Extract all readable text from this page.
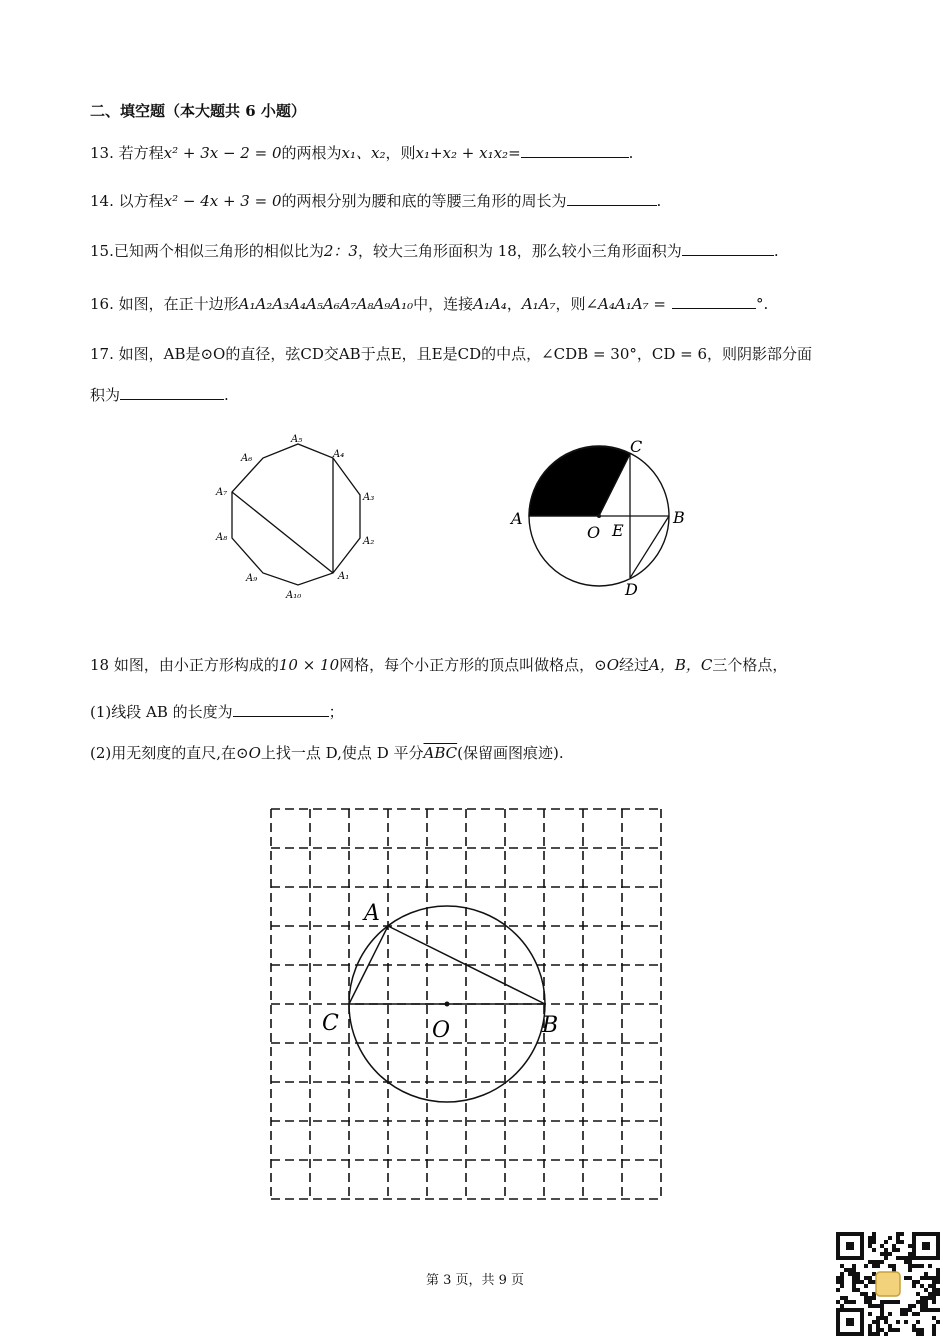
二、填空题（本大题共 6 小题）
13. 若方程x² + 3x − 2 = 0的两根为x₁、x₂，则x₁+x₂ + x₁x₂=	.
14. 以方程x² − 4x + 3 = 0的两根分别为腰和底的等腰三角形的周长为	.
15.已知两个相似三角形的相似比为2：3，较大三角形面积为 18，那么较小三角形面积为	.
16. 如图，在正十边形A₁A₂A₃A₄A₅A₆A₇A₈A₉A₁₀中，连接A₁A₄，A₁A₇，则∠A₄A₁A₇ =	°.
17. 如图，AB是⊙O的直径，弦CD交AB于点E，且E是CD的中点，∠CDB = 30°，CD = 6，则阴影部分面
积为	.
A₁
A₂
A₃
A₄
A₅
A₆
A₇
A₈
A₉
A₁₀
A	B
C
D
O E
18 如图，由小正方形构成的10 × 10网格，每个小正方形的顶点叫做格点，⊙O经过A，B，C三个格点，
(1)线段 AB 的长度为	；
(2)用无刻度的直尺,在⊙O上找一点 D,使点 D 平分$\overline{ABC}$(保留画图痕迹).
A
B
C	O
第 3 页，共 9 页
